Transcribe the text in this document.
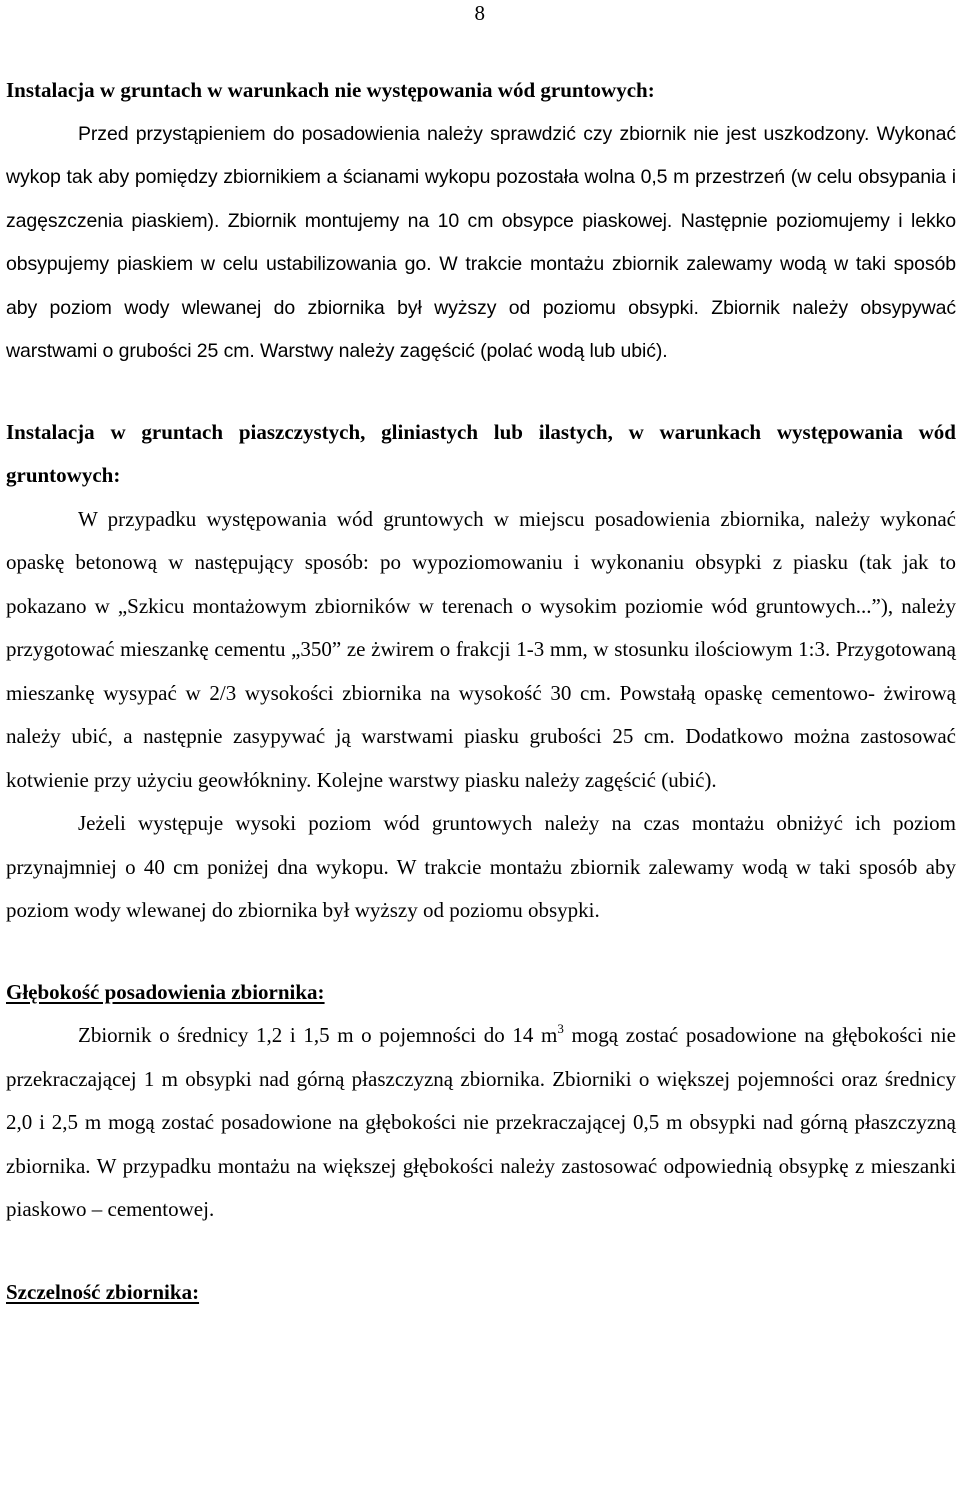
8
Instalacja w gruntach w warunkach nie występowania wód gruntowych:

Przed przystąpieniem do posadowienia należy sprawdzić czy zbiornik nie jest uszkodzony. Wykonać wykop tak aby pomiędzy zbiornikiem a ścianami wykopu pozostała wolna 0,5 m przestrzeń (w celu obsypania i zagęszczenia piaskiem). Zbiornik montujemy na 10 cm obsypce piaskowej. Następnie poziomujemy i lekko obsypujemy piaskiem w celu ustabilizowania go. W trakcie montażu zbiornik zalewamy wodą w taki sposób aby poziom wody wlewanej do zbiornika był wyższy od poziomu obsypki. Zbiornik należy obsypywać warstwami o grubości 25 cm. Warstwy należy zagęścić (polać wodą lub ubić).

Instalacja w gruntach piaszczystych, gliniastych lub ilastych, w warunkach występowania wód gruntowych:

W przypadku występowania wód gruntowych w miejscu posadowienia zbiornika, należy wykonać opaskę betonową w następujący sposób: po wypoziomowaniu i wykonaniu obsypki z piasku (tak jak to pokazano w „Szkicu montażowym zbiorników w terenach o wysokim poziomie wód gruntowych...”), należy przygotować mieszankę cementu „350” ze żwirem o frakcji 1-3 mm, w stosunku ilościowym 1:3. Przygotowaną mieszankę wysypać w 2/3 wysokości zbiornika na wysokość 30 cm. Powstałą opaskę cementowo- żwirową należy ubić, a następnie zasypywać ją warstwami piasku grubości 25 cm. Dodatkowo można zastosować kotwienie przy użyciu geowłókniny. Kolejne warstwy piasku należy zagęścić (ubić).

Jeżeli występuje wysoki poziom wód gruntowych należy na czas montażu obniżyć ich poziom przynajmniej o 40 cm poniżej dna wykopu. W trakcie montażu zbiornik zalewamy wodą w taki sposób aby poziom wody wlewanej do zbiornika był wyższy od poziomu obsypki.

Głębokość posadowienia zbiornika:

Zbiornik o średnicy 1,2 i 1,5 m o pojemności do 14 $m^3$ mogą zostać posadowione na głębokości nie przekraczającej 1 m obsypki nad górną płaszczyzną zbiornika. Zbiorniki o większej pojemności oraz średnicy 2,0 i 2,5 m mogą zostać posadowione na głębokości nie przekraczającej 0,5 m obsypki nad górną płaszczyzną zbiornika. W przypadku montażu na większej głębokości należy zastosować odpowiednią obsypkę z mieszanki piaskowo – cementowej.

Szczelność zbiornika:
